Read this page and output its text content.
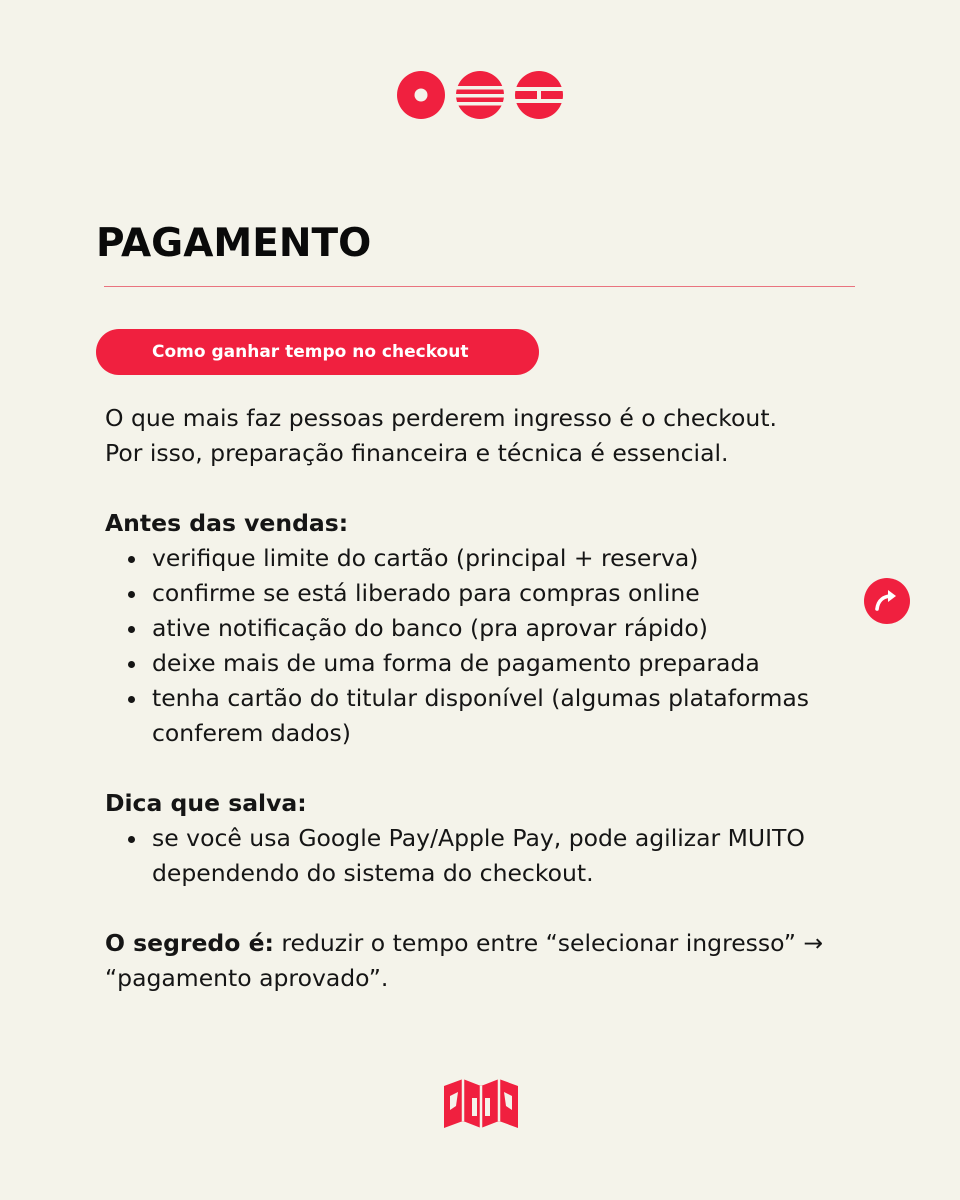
PAGAMENTO
Como ganhar tempo no checkout

O que mais faz pessoas perderem ingresso é o checkout.

Por isso, preparação financeira e técnica é essencial.

Antes das vendas:

verifique limite do cartão (principal + reserva)
confirme se está liberado para compras online
ative notificação do banco (pra aprovar rápido)
deixe mais de uma forma de pagamento preparada
tenha cartão do titular disponível (algumas plataformas conferem dados)

Dica que salva:

se você usa Google Pay/Apple Pay, pode agilizar MUITO dependendo do sistema do checkout.

O segredo é: reduzir o tempo entre “selecionar ingresso” → “pagamento aprovado”.
